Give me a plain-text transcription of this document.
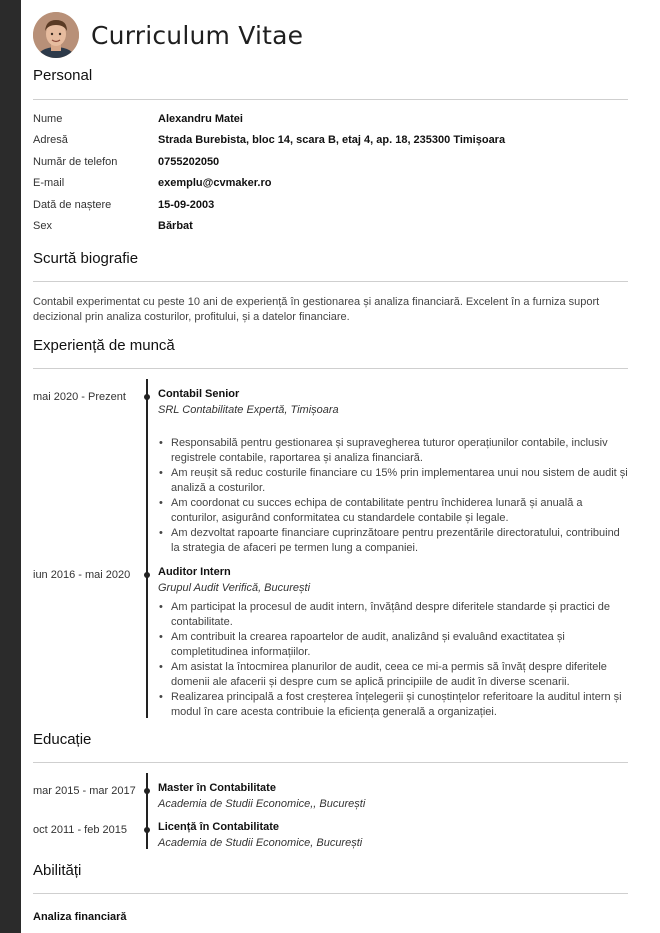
Curriculum Vitae
Personal
Nume	Alexandru Matei
Adresă	Strada Burebista, bloc 14, scara B, etaj 4, ap. 18, 235300 Timișoara
Număr de telefon	0755202050
E-mail	exemplu@cvmaker.ro
Dată de naștere	15-09-2003
Sex	Bărbat
Scurtă biografie
Contabil experimentat cu peste 10 ani de experiență în gestionarea și analiza financiară. Excelent în a furniza suport decizional prin analiza costurilor, profitului, și a datelor financiare.
Experiență de muncă
mai 2020 - Prezent	Contabil Senior
SRL Contabilitate Expertă, Timișoara
• Responsabilă pentru gestionarea și supravegherea tuturor operațiunilor contabile, inclusiv registrele contabile, raportarea și analiza financiară.
• Am reușit să reduc costurile financiare cu 15% prin implementarea unui nou sistem de audit și analiză a costurilor.
• Am coordonat cu succes echipa de contabilitate pentru închiderea lunară și anuală a conturilor, asigurând conformitatea cu standardele contabile și legale.
• Am dezvoltat rapoarte financiare cuprinzătoare pentru prezentările directoratului, contribuind la strategia de afaceri pe termen lung a companiei.
iun 2016 - mai 2020	Auditor Intern
Grupul Audit Verifică, București
• Am participat la procesul de audit intern, învățând despre diferitele standarde și practici de contabilitate.
• Am contribuit la crearea rapoartelor de audit, analizând și evaluând exactitatea și completitudinea informațiilor.
• Am asistat la întocmirea planurilor de audit, ceea ce mi-a permis să învăț despre diferitele domenii ale afacerii și despre cum se aplică principiile de audit în diverse scenarii.
• Realizarea principală a fost creșterea înțelegerii și cunoștințelor referitoare la auditul intern și modul în care acesta contribuie la eficiența generală a organizației.
Educație
mar 2015 - mar 2017 Master în Contabilitate
Academia de Studii Economice,, București
oct 2011 - feb 2015	Licență în Contabilitate
Academia de Studii Economice, București
Abilități
Analiza financiară
